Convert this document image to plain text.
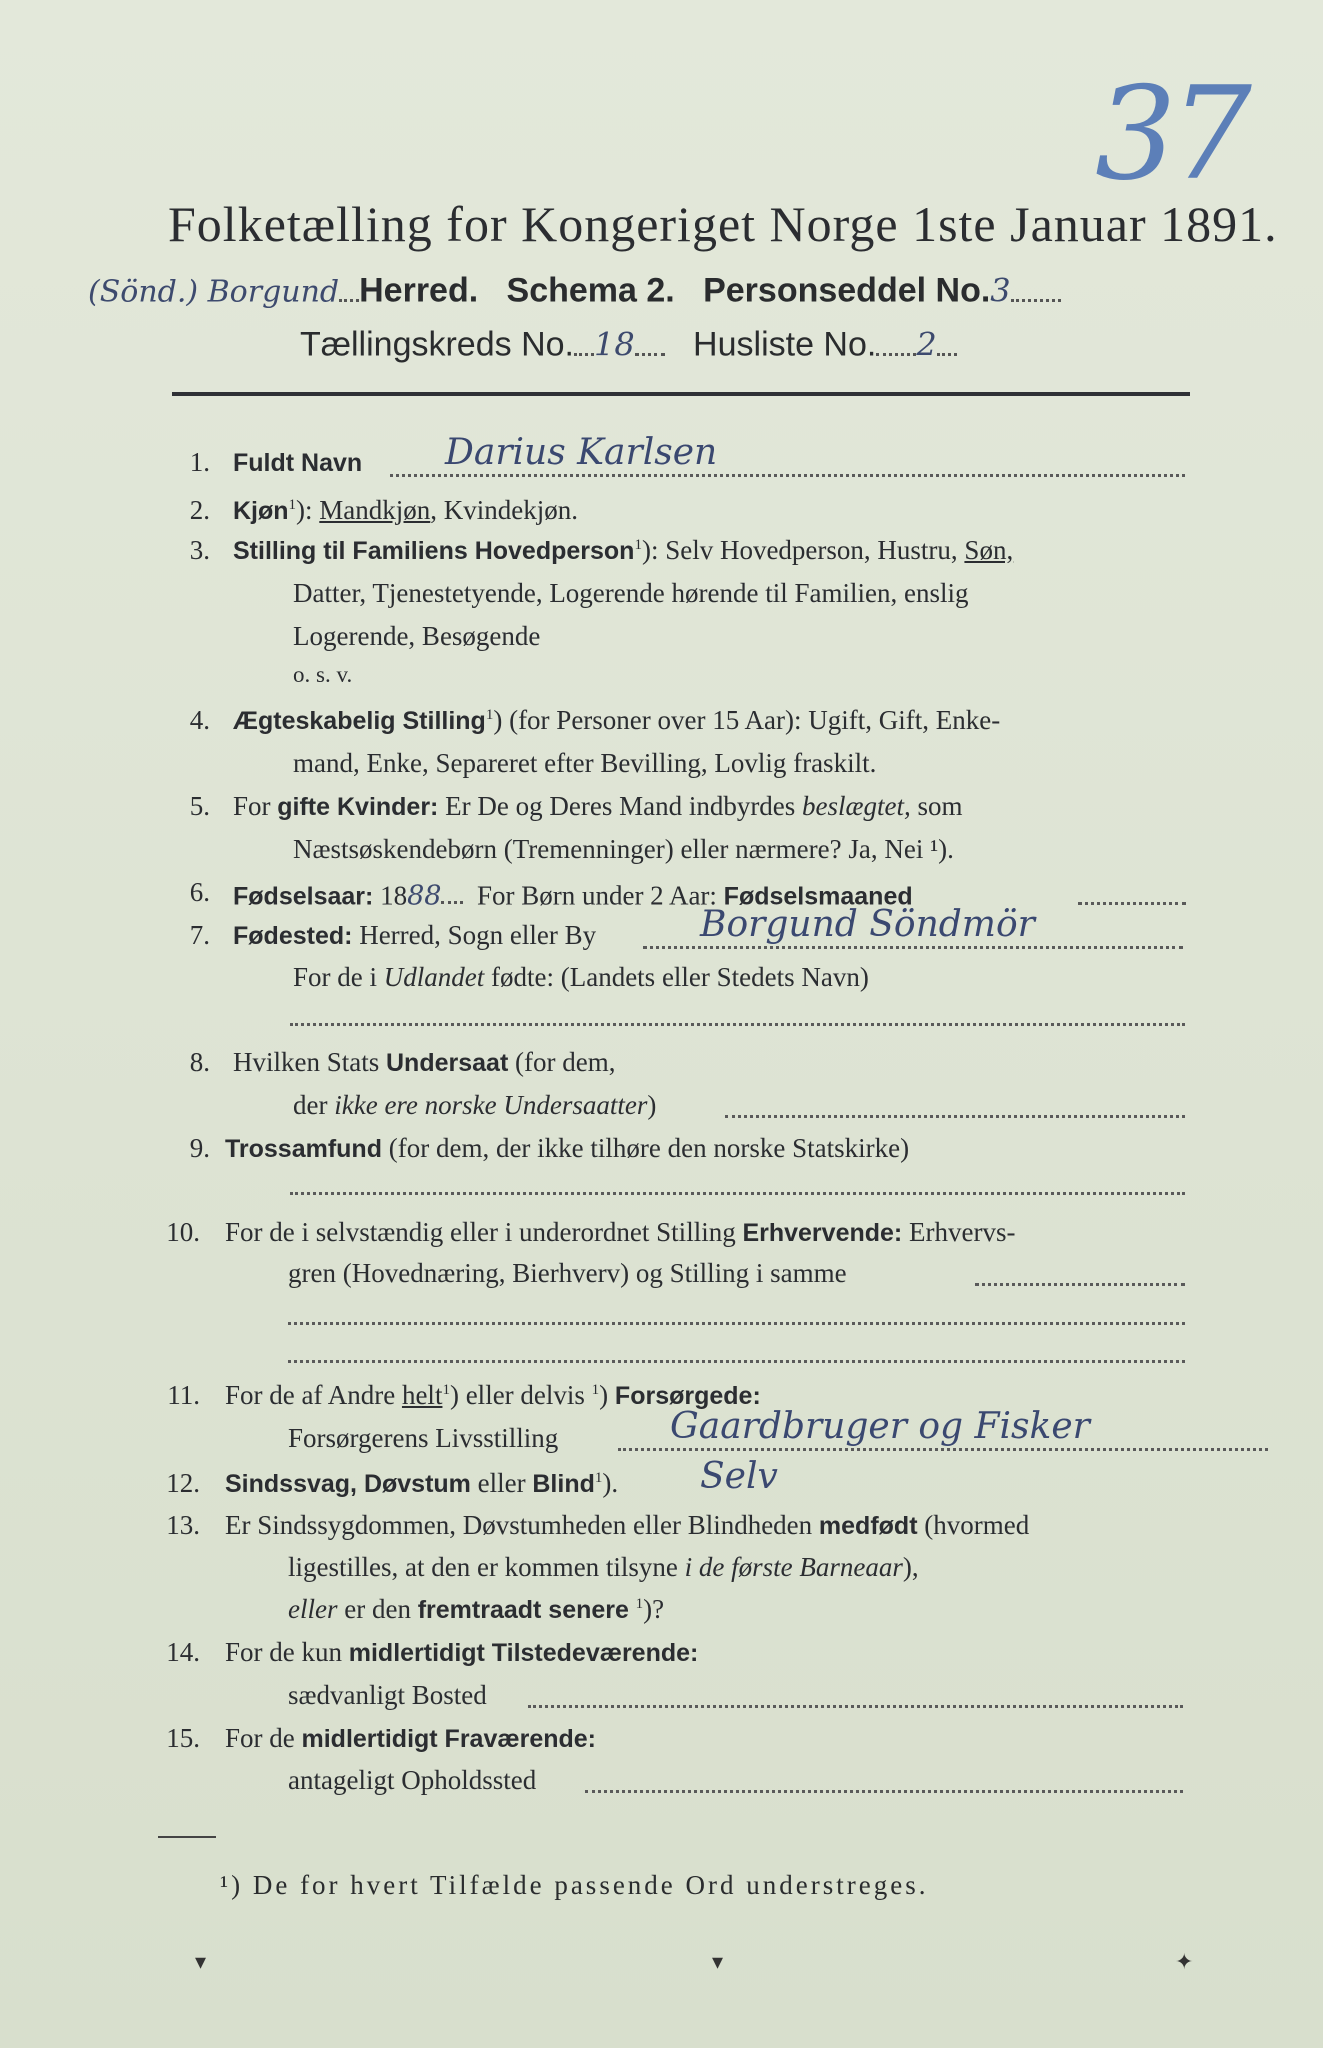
37
Folketælling for Kongeriget Norge 1ste Januar 1891.
(Sönd.) Borgund Herred. Schema 2. Personseddel No.3
Tællingskreds No. 18 Husliste No. 2
1. Fuldt Navn Darius Karlsen
2. Kjøn$^1$): Mandkjøn, Kvindekjøn.
3. Stilling til Familiens Hovedperson$^1$): Selv Hovedperson, Hustru, Søn,
Datter, Tjenestetyende, Logerende hørende til Familien, enslig
Logerende, Besøgende
o. s. v.
4. Ægteskabelig Stilling$^1$) (for Personer over 15 Aar): Ugift, Gift, Enke-
mand, Enke, Separeret efter Bevilling, Lovlig fraskilt.
5. For gifte Kvinder: Er De og Deres Mand indbyrdes beslægtet, som
Næstsøskendebørn (Tremenninger) eller nærmere? Ja, Nei ¹).
6. Fødselsaar: 1888 For Børn under 2 Aar: Fødselsmaaned
7. Fødested: Herred, Sogn eller By	Borgund Söndmör
For de i Udlandet fødte: (Landets eller Stedets Navn)
8. Hvilken Stats Undersaat (for dem,
der ikke ere norske Undersaatter)
9. Trossamfund (for dem, der ikke tilhøre den norske Statskirke)
10. For de i selvstændig eller i underordnet Stilling Erhvervende: Erhvervs-
gren (Hovednæring, Bierhverv) og Stilling i samme
11. For de af Andre helt$^1$) eller delvis $^1$) Forsørgede:
Forsørgerens Livsstilling	Gaardbruger og Fisker
12. Sindssvag, Døvstum eller Blind$^1$). Selv
13. Er Sindssygdommen, Døvstumheden eller Blindheden medfødt (hvormed
ligestilles, at den er kommen tilsyne i de første Barneaar),
eller er den fremtraadt senere $^1$)?
14. For de kun midlertidigt Tilstedeværende:
sædvanligt Bosted
15. For de midlertidigt Fraværende:
antageligt Opholdssted
¹) De for hvert Tilfælde passende Ord understreges.
▾	▾	✦
